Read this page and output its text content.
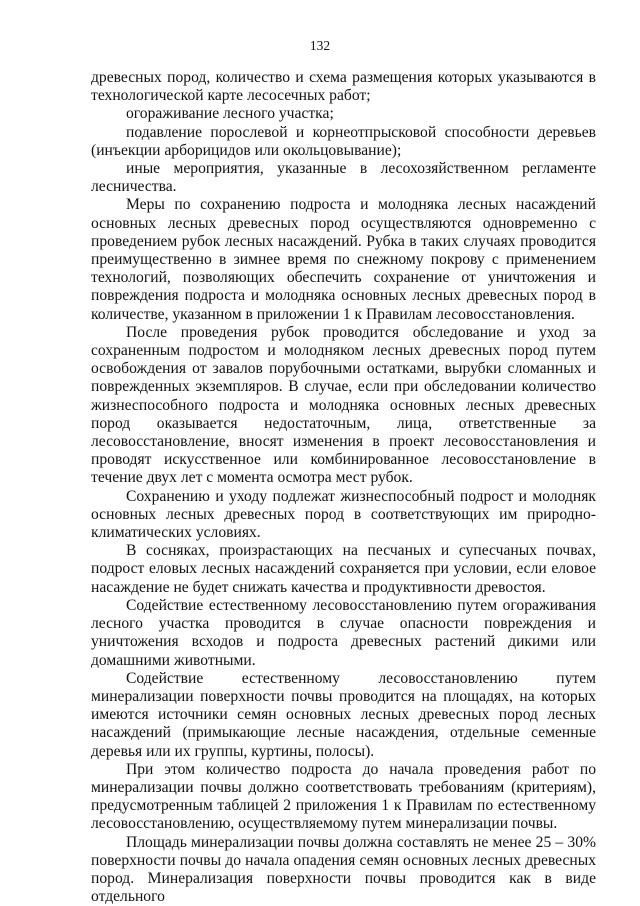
132

древесных пород, количество и схема размещения которых указываются в технологической карте лесосечных работ;

огораживание лесного участка;

подавление порослевой и корнеотпрысковой способности деревьев (инъекции арборицидов или окольцовывание);

иные мероприятия, указанные в лесохозяйственном регламенте лесничества.

Меры по сохранению подроста и молодняка лесных насаждений основных лесных древесных пород осуществляются одновременно с проведением рубок лесных насаждений. Рубка в таких случаях проводится преимущественно в зимнее время по снежному покрову с применением технологий, позволяющих обеспечить сохранение от уничтожения и повреждения подроста и молодняка основных лесных древесных пород в количестве, указанном в приложении 1 к Правилам лесовосстановления.

После проведения рубок проводится обследование и уход за сохраненным подростом и молодняком лесных древесных пород путем освобождения от завалов порубочными остатками, вырубки сломанных и поврежденных экземпляров. В случае, если при обследовании количество жизнеспособного подроста и молодняка основных лесных древесных пород оказывается недостаточным, лица, ответственные за лесовосстановление, вносят изменения в проект лесовосстановления и проводят искусственное или комбинированное лесовосстановление в течение двух лет с момента осмотра мест рубок.

Сохранению и уходу подлежат жизнеспособный подрост и молодняк основных лесных древесных пород в соответствующих им природно-климатических условиях.

В сосняках, произрастающих на песчаных и супесчаных почвах, подрост еловых лесных насаждений сохраняется при условии, если еловое насаждение не будет снижать качества и продуктивности древостоя.

Содействие естественному лесовосстановлению путем огораживания лесного участка проводится в случае опасности повреждения и уничтожения всходов и подроста древесных растений дикими или домашними животными.

Содействие естественному лесовосстановлению путем минерализации поверхности почвы проводится на площадях, на которых имеются источники семян основных лесных древесных пород лесных насаждений (примыкающие лесные насаждения, отдельные семенные деревья или их группы, куртины, полосы).

При этом количество подроста до начала проведения работ по минерализации почвы должно соответствовать требованиям (критериям), предусмотренным таблицей 2 приложения 1 к Правилам по естественному лесовосстановлению, осуществляемому путем минерализации почвы.

Площадь минерализации почвы должна составлять не менее 25 – 30% поверхности почвы до начала опадения семян основных лесных древесных пород. Минерализация поверхности почвы проводится как в виде отдельного
